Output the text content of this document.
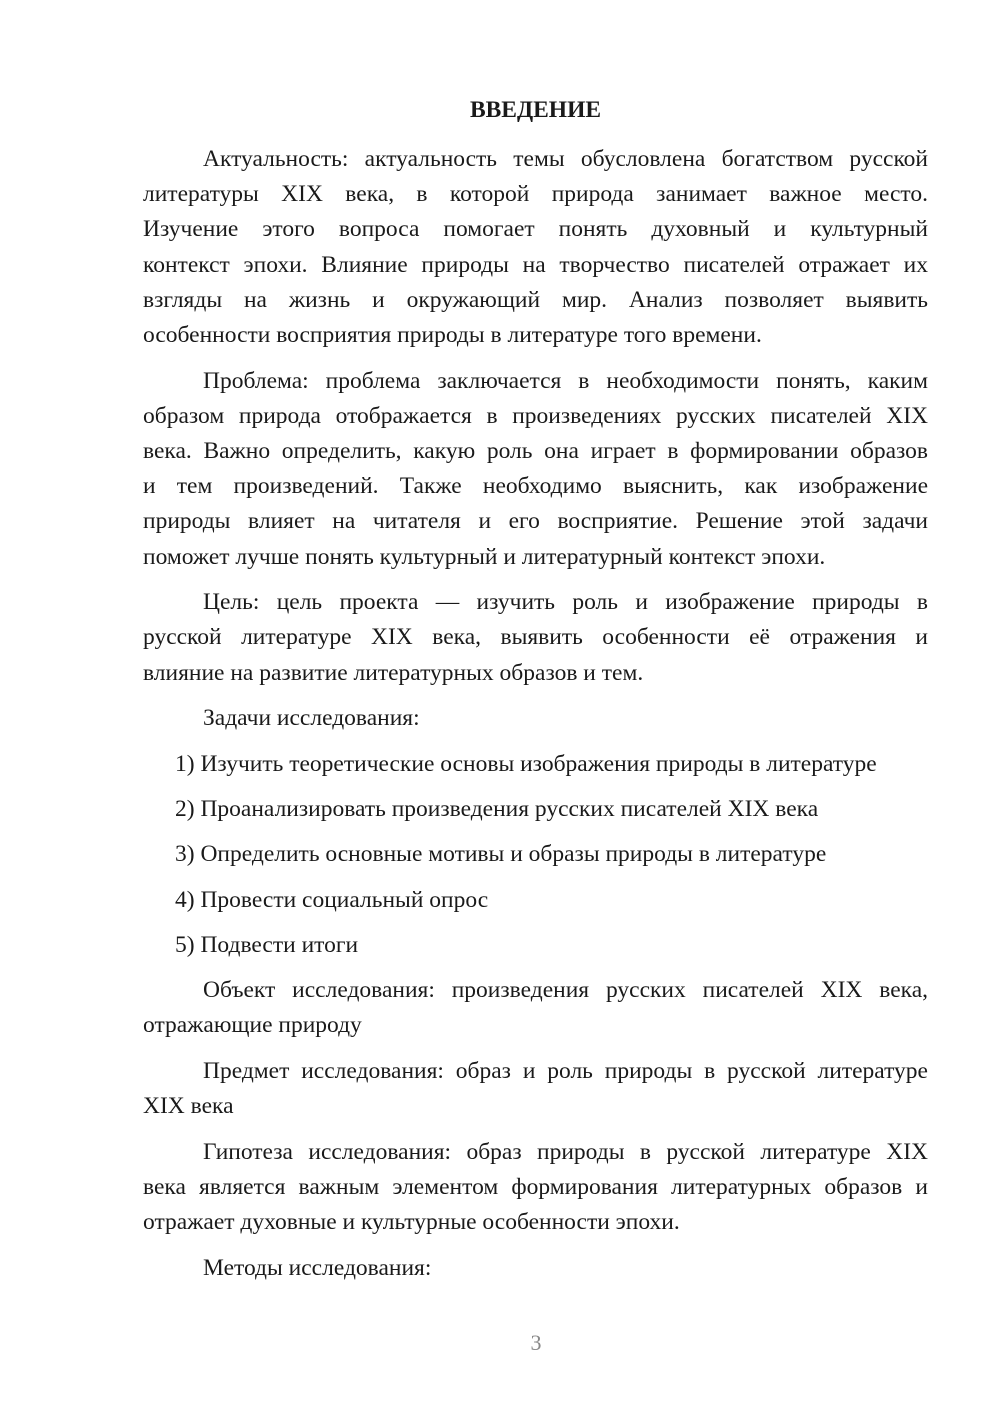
ВВЕДЕНИЕ
Актуальность: актуальность темы обусловлена богатством русской
литературы XIX века, в которой природа занимает важное место.
Изучение этого вопроса помогает понять духовный и культурный
контекст эпохи. Влияние природы на творчество писателей отражает их
взгляды на жизнь и окружающий мир. Анализ позволяет выявить
особенности восприятия природы в литературе того времени.
Проблема: проблема заключается в необходимости понять, каким
образом природа отображается в произведениях русских писателей XIX
века. Важно определить, какую роль она играет в формировании образов
и тем произведений. Также необходимо выяснить, как изображение
природы влияет на читателя и его восприятие. Решение этой задачи
поможет лучше понять культурный и литературный контекст эпохи.
Цель: цель проекта — изучить роль и изображение природы в
русской литературе XIX века, выявить особенности её отражения и
влияние на развитие литературных образов и тем.
Задачи исследования:
1) Изучить теоретические основы изображения природы в литературе
2) Проанализировать произведения русских писателей XIX века
3) Определить основные мотивы и образы природы в литературе
4) Провести социальный опрос
5) Подвести итоги
Объект исследования: произведения русских писателей XIX века,
отражающие природу
Предмет исследования: образ и роль природы в русской литературе
XIX века
Гипотеза исследования: образ природы в русской литературе XIX
века является важным элементом формирования литературных образов и
отражает духовные и культурные особенности эпохи.
Методы исследования:
3
